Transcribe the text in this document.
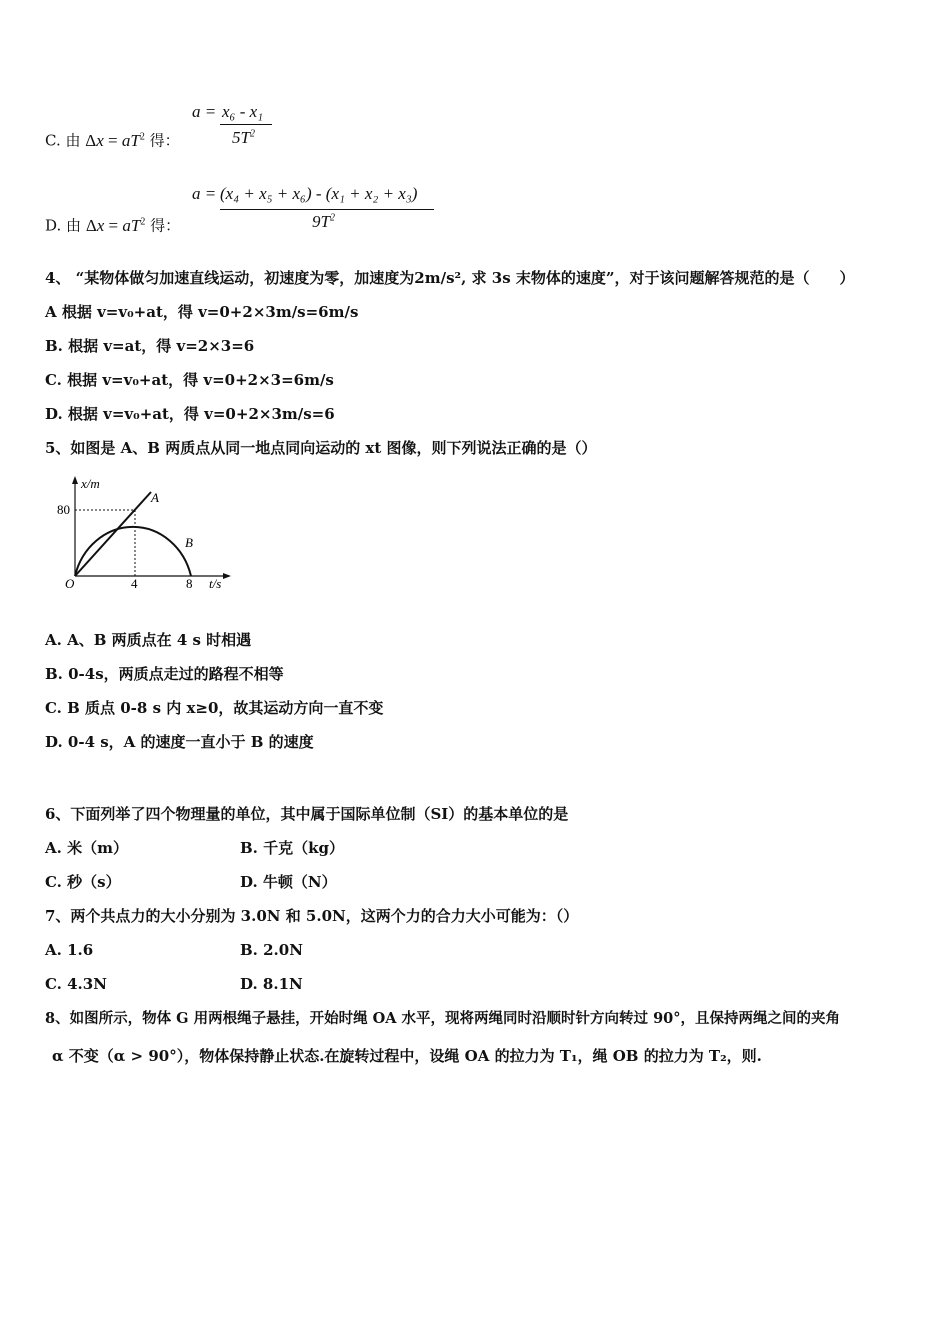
C. 由 $\Delta x = aT^2$ 得：
a = x₆ - x₁
$5T^2$
D. 由 $\Delta x = aT^2$ 得：
a = (x₄ + x₅ + x₆) - (x₁ + x₂ + x₃)
$9T^2$
4、 “某物体做匀加速直线运动，初速度为零，加速度为2m/s², 求 3s 末物体的速度”，对于该问题解答规范的是（　　）
A 根据 v=v₀+at，得 v=0+2×3m/s=6m/s
B. 根据 v=at，得 v=2×3=6
C. 根据 v=v₀+at，得 v=0+2×3=6m/s
D. 根据 v=v₀+at，得 v=0+2×3m/s=6
5、如图是 A、B 两质点从同一地点同向运动的 xt 图像，则下列说法正确的是（）
x/m
80
A
B
O	4	8 t/s
A. A、B 两质点在 4 s 时相遇
B. 0-4s，两质点走过的路程不相等
C. B 质点 0-8 s 内 x≥0，故其运动方向一直不变
D. 0-4 s，A 的速度一直小于 B 的速度
6、下面列举了四个物理量的单位，其中属于国际单位制（SI）的基本单位的是
A. 米（m）	B. 千克（kg）
C. 秒（s）	D. 牛顿（N）
7、两个共点力的大小分别为 3.0N 和 5.0N，这两个力的合力大小可能为：（）
A. 1.6	B. 2.0N
C. 4.3N	D. 8.1N
8、如图所示，物体 G 用两根绳子悬挂，开始时绳 OA 水平，现将两绳同时沿顺时针方向转过 90°，且保持两绳之间的夹角
α 不变（α > 90°），物体保持静止状态.在旋转过程中，设绳 OA 的拉力为 T₁，绳 OB 的拉力为 T₂，则.
